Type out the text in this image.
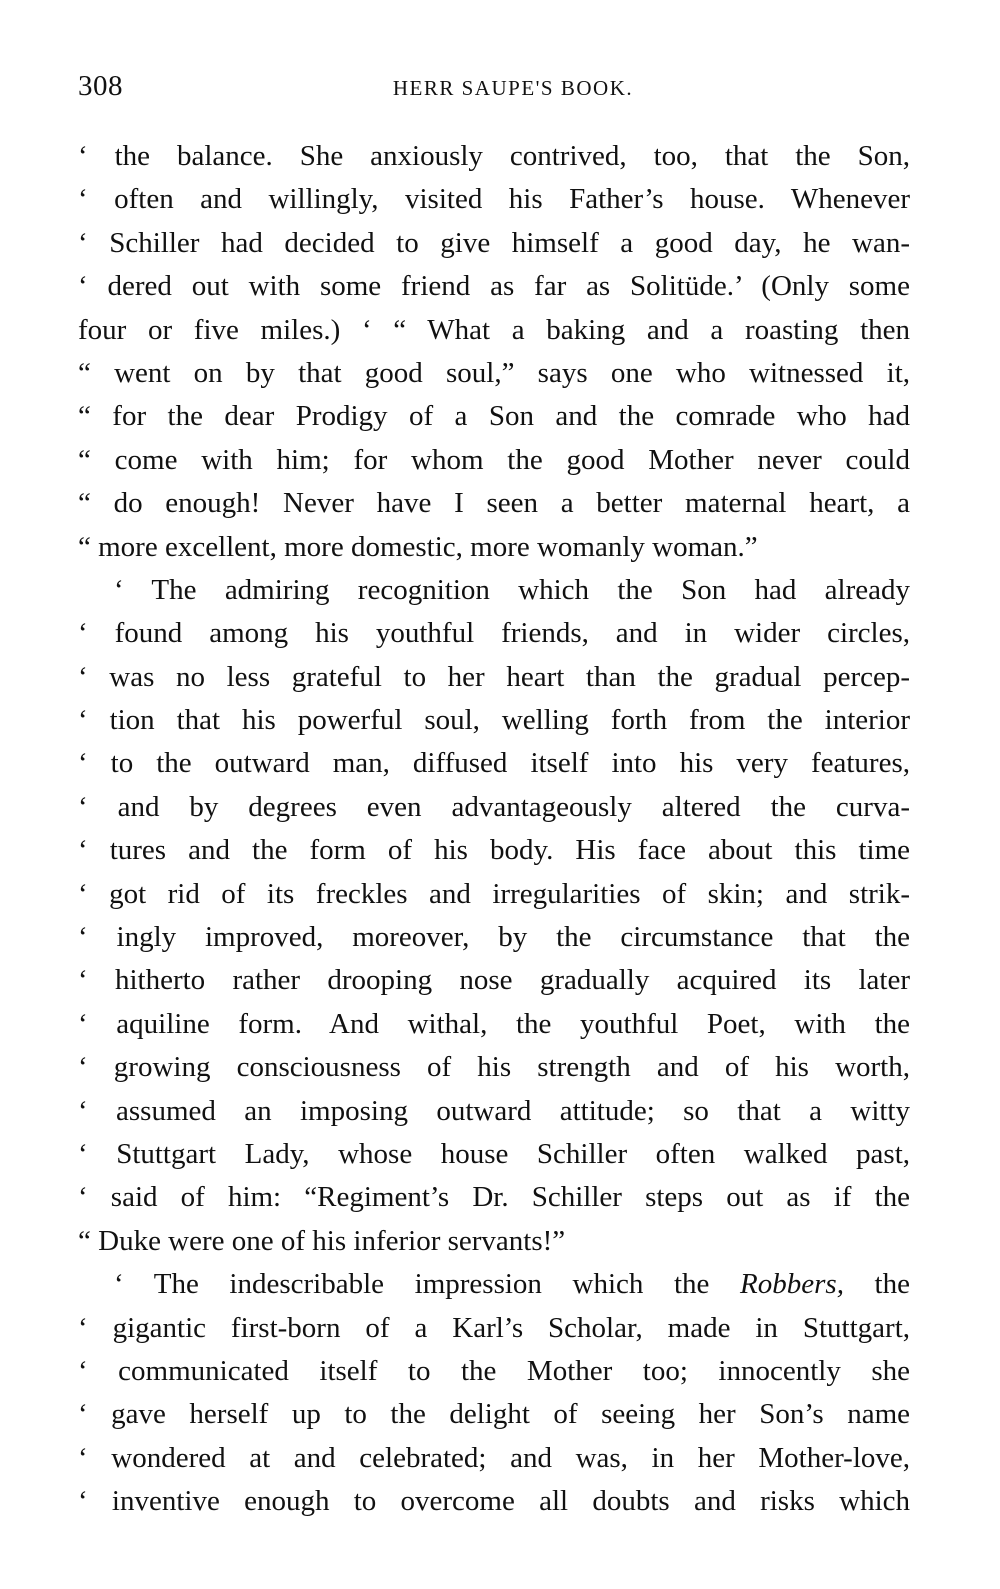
308	HERR SAUPE'S BOOK.
‘ the balance. She anxiously contrived, too, that the Son,
‘ often and willingly, visited his Father’s house. Whenever
‘ Schiller had decided to give himself a good day, he wan-
‘ dered out with some friend as far as Solitüde.’ (Only some
four or five miles.) ‘ “ What a baking and a roasting then
“ went on by that good soul,” says one who witnessed it,
“ for the dear Prodigy of a Son and the comrade who had
“ come with him; for whom the good Mother never could
“ do enough! Never have I seen a better maternal heart, a
“ more excellent, more domestic, more womanly woman.”
‘ The admiring recognition which the Son had already
‘ found among his youthful friends, and in wider circles,
‘ was no less grateful to her heart than the gradual percep-
‘ tion that his powerful soul, welling forth from the interior
‘ to the outward man, diffused itself into his very features,
‘ and by degrees even advantageously altered the curva-
‘ tures and the form of his body. His face about this time
‘ got rid of its freckles and irregularities of skin; and strik-
‘ ingly improved, moreover, by the circumstance that the
‘ hitherto rather drooping nose gradually acquired its later
‘ aquiline form. And withal, the youthful Poet, with the
‘ growing consciousness of his strength and of his worth,
‘ assumed an imposing outward attitude; so that a witty
‘ Stuttgart Lady, whose house Schiller often walked past,
‘ said of him: “Regiment’s Dr. Schiller steps out as if the
“ Duke were one of his inferior servants!”
‘ The indescribable impression which the Robbers, the
‘ gigantic first-born of a Karl’s Scholar, made in Stuttgart,
‘ communicated itself to the Mother too; innocently she
‘ gave herself up to the delight of seeing her Son’s name
‘ wondered at and celebrated; and was, in her Mother-love,
‘ inventive enough to overcome all doubts and risks which
